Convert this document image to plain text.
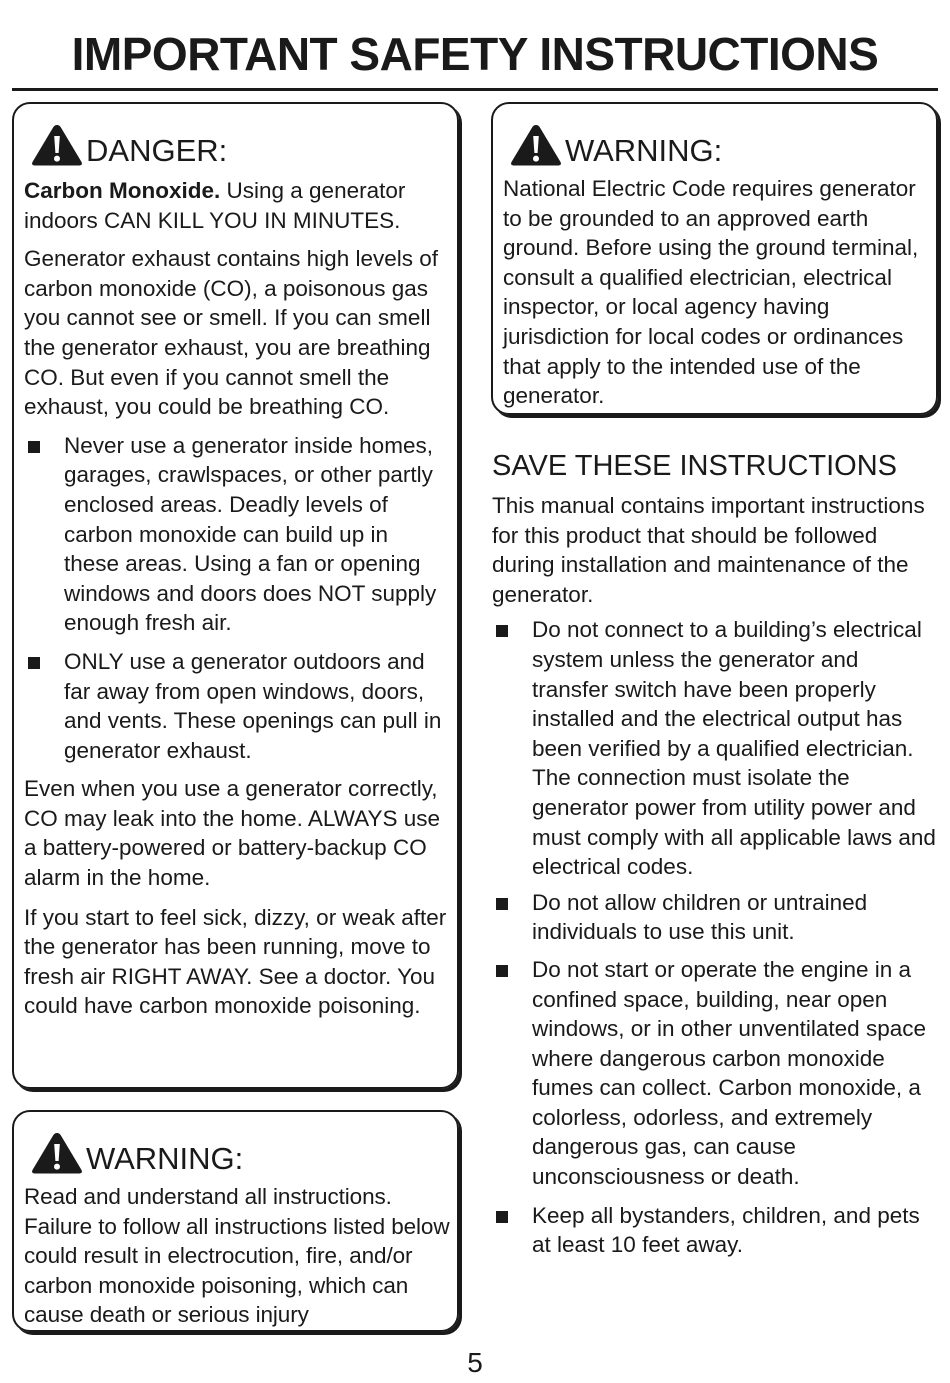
IMPORTANT SAFETY INSTRUCTIONS
DANGER:

Carbon Monoxide. Using a generator indoors CAN KILL YOU IN MINUTES.

Generator exhaust contains high levels of carbon monoxide (CO), a poisonous gas you cannot see or smell. If you can smell the generator exhaust, you are breathing CO. But even if you cannot smell the exhaust, you could be breathing CO.

Never use a generator inside homes, garages, crawlspaces, or other partly enclosed areas. Deadly levels of carbon monoxide can build up in these areas. Using a fan or opening windows and doors does NOT supply enough fresh air.
ONLY use a generator outdoors and far away from open windows, doors, and vents. These openings can pull in generator exhaust.

Even when you use a generator correctly, CO may leak into the home. ALWAYS use a battery-powered or battery-backup CO alarm in the home.

If you start to feel sick, dizzy, or weak after the generator has been running, move to fresh air RIGHT AWAY. See a doctor. You could have carbon monoxide poisoning.

WARNING:

Read and understand all instructions. Failure to follow all instructions listed below could result in electrocution, fire, and/or carbon monoxide poisoning, which can cause death or serious injury

WARNING:

National Electric Code requires generator to be grounded to an approved earth ground. Before using the ground terminal, consult a qualified electrician, electrical inspector, or local agency having jurisdiction for local codes or ordinances that apply to the intended use of the generator.

SAVE THESE INSTRUCTIONS

This manual contains important instructions for this product that should be followed during installation and maintenance of the generator.

Do not connect to a building’s electrical system unless the generator and transfer switch have been properly installed and the electrical output has been verified by a qualified electrician. The connection must isolate the generator power from utility power and must comply with all applicable laws and electrical codes.
Do not allow children or untrained individuals to use this unit.
Do not start or operate the engine in a confined space, building, near open windows, or in other unventilated space where dangerous carbon monoxide fumes can collect. Carbon monoxide, a colorless, odorless, and extremely dangerous gas, can cause unconsciousness or death.
Keep all bystanders, children, and pets at least 10 feet away.
5
